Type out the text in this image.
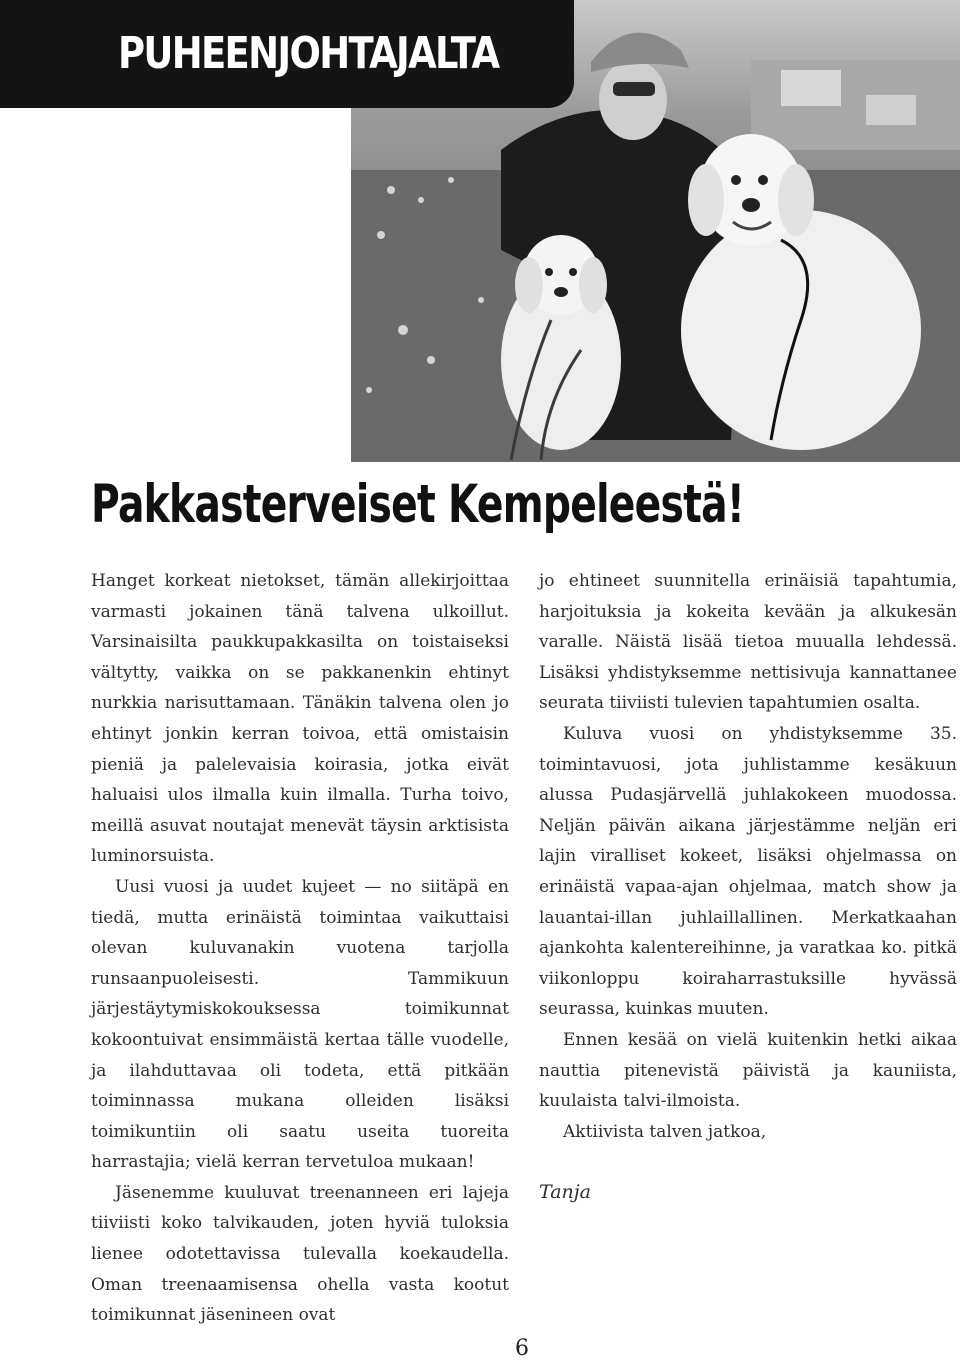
PUHEENJOHTAJALTA
Pakkasterveiset Kempeleestä!

Hanget korkeat nietokset, tämän allekirjoittaa varmasti jokainen tänä talvena ulkoillut. Varsinaisilta paukkupakkasilta on toistaiseksi vältytty, vaikka on se pakkanenkin ehtinyt nurkkia narisuttamaan. Tänäkin talvena olen jo ehtinyt jonkin kerran toivoa, että omistaisin pieniä ja palelevaisia koirasia, jotka eivät haluaisi ulos ilmalla kuin ilmalla. Turha toivo, meillä asuvat noutajat menevät täysin arktisista luminorsuista.

Uusi vuosi ja uudet kujeet — no siitäpä en tiedä, mutta erinäistä toimintaa vaikuttaisi olevan kuluvanakin vuotena tarjolla runsaanpuoleisesti. Tammikuun järjestäytymiskokouksessa toimikunnat kokoontuivat ensimmäistä kertaa tälle vuodelle, ja ilahduttavaa oli todeta, että pitkään toiminnassa mukana olleiden lisäksi toimikuntiin oli saatu useita tuoreita harrastajia; vielä kerran tervetuloa mukaan!

Jäsenemme kuuluvat treenanneen eri lajeja tiiviisti koko talvikauden, joten hyviä tuloksia lienee odotettavissa tulevalla koekaudella. Oman treenaamisensa ohella vasta kootut toimikunnat jäsenineen ovat

jo ehtineet suunnitella erinäisiä tapahtumia, harjoituksia ja kokeita kevään ja alkukesän varalle. Näistä lisää tietoa muualla lehdessä. Lisäksi yhdistyksemme nettisivuja kannattanee seurata tiiviisti tulevien tapahtumien osalta.

Kuluva vuosi on yhdistyksemme 35. toimintavuosi, jota juhlistamme kesäkuun alussa Pudasjärvellä juhlakokeen muodossa. Neljän päivän aikana järjestämme neljän eri lajin viralliset kokeet, lisäksi ohjelmassa on erinäistä vapaa-ajan ohjelmaa, match show ja lauantai-illan juhlaillallinen. Merkatkaahan ajankohta kalentereihinne, ja varatkaa ko. pitkä viikonloppu koiraharrastuksille hyvässä seurassa, kuinkas muuten.

Ennen kesää on vielä kuitenkin hetki aikaa nauttia pitenevistä päivistä ja kauniista, kuulaista talvi-ilmoista.

Aktiivista talven jatkoa,

Tanja
6
